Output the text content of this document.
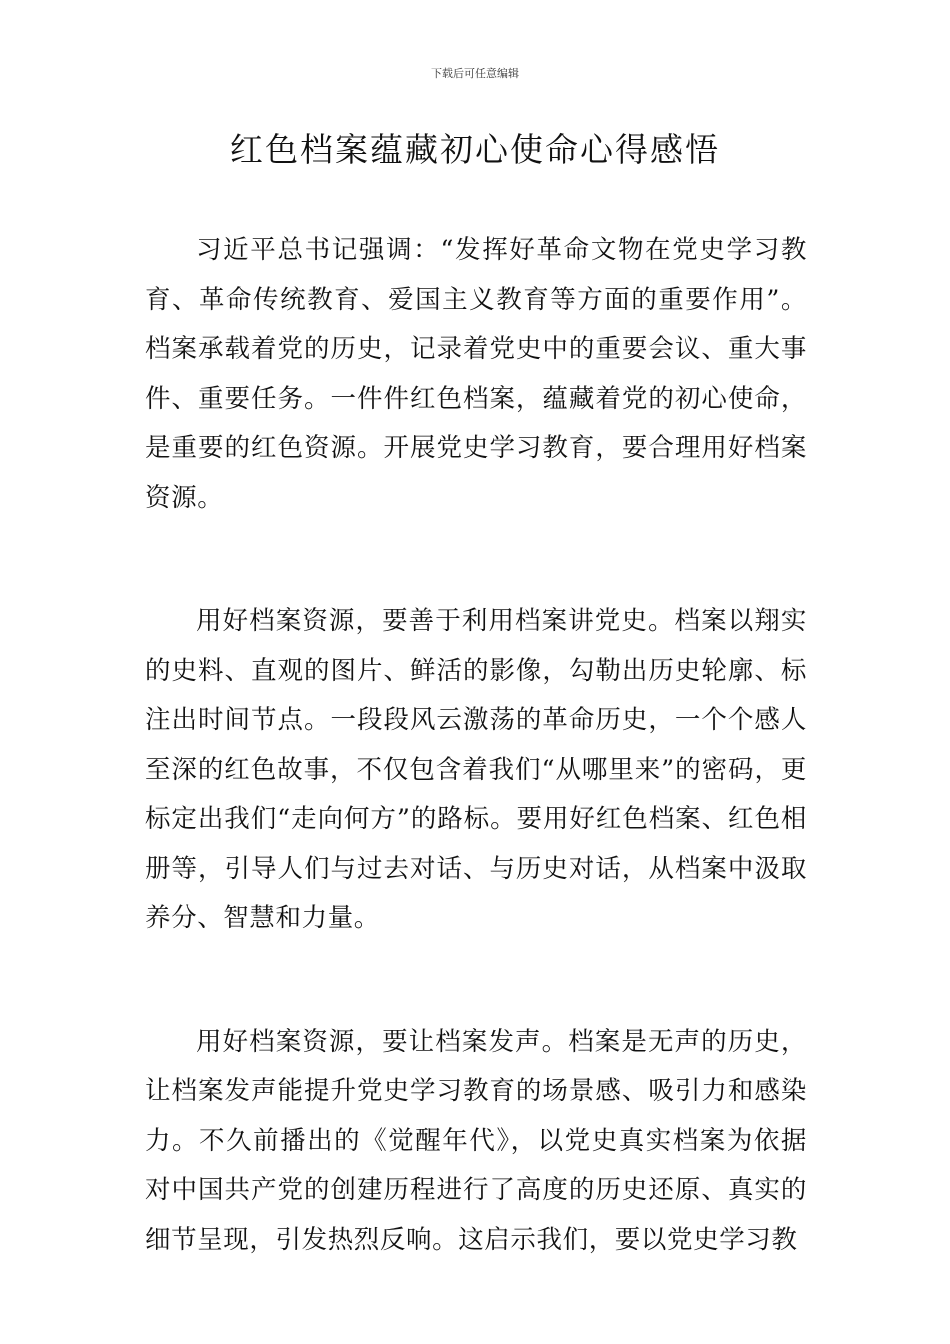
下载后可任意编辑
红色档案蕴藏初心使命心得感悟

习近平总书记强调：“发挥好革命文物在党史学习教育、革命传统教育、爱国主义教育等方面的重要作用”。档案承载着党的历史，记录着党史中的重要会议、重大事件、重要任务。一件件红色档案，蕴藏着党的初心使命，是重要的红色资源。开展党史学习教育，要合理用好档案资源。

用好档案资源，要善于利用档案讲党史。档案以翔实的史料、直观的图片、鲜活的影像，勾勒出历史轮廓、标注出时间节点。一段段风云激荡的革命历史，一个个感人至深的红色故事，不仅包含着我们“从哪里来”的密码，更标定出我们“走向何方”的路标。要用好红色档案、红色相册等，引导人们与过去对话、与历史对话，从档案中汲取养分、智慧和力量。

用好档案资源，要让档案发声。档案是无声的历史，让档案发声能提升党史学习教育的场景感、吸引力和感染力。不久前播出的《觉醒年代》，以党史真实档案为依据对中国共产党的创建历程进行了高度的历史还原、真实的细节呈现，引发热烈反响。这启示我们，要以党史学习教
